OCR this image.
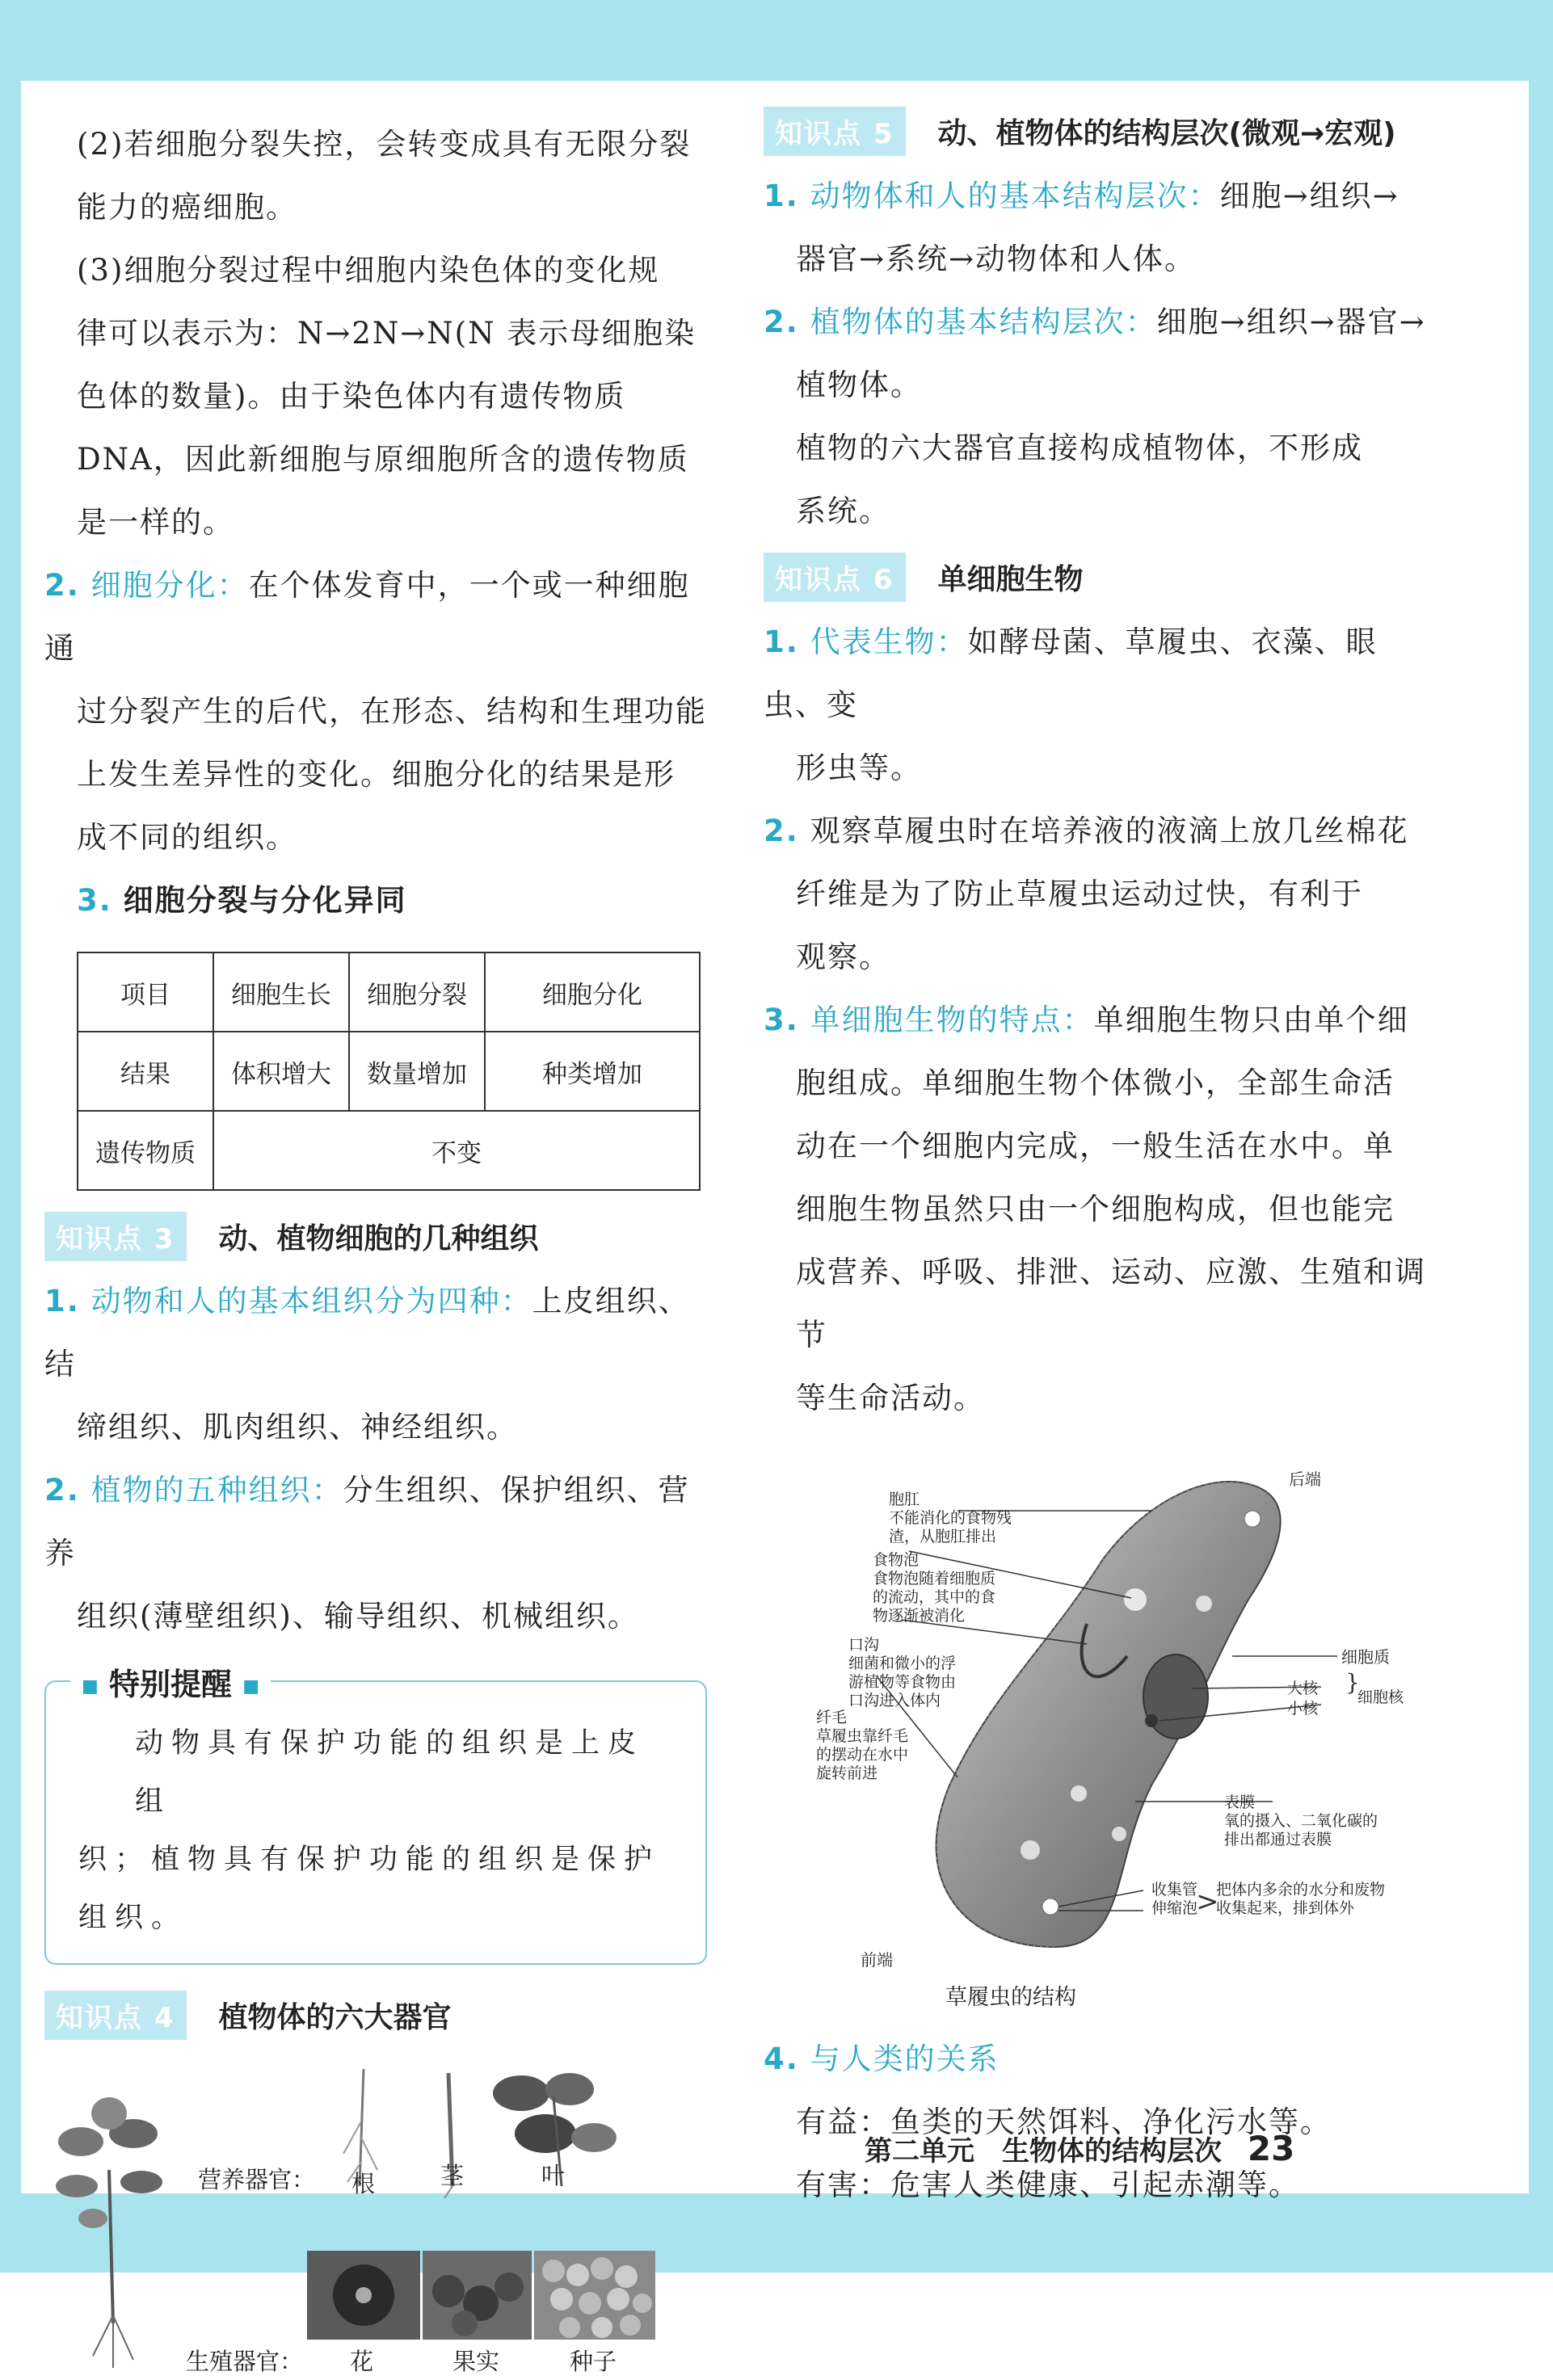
(2)若细胞分裂失控，会转变成具有无限分裂
能力的癌细胞。
(3)细胞分裂过程中细胞内染色体的变化规
律可以表示为：N→2N→N(N 表示母细胞染
色体的数量)。由于染色体内有遗传物质
DNA，因此新细胞与原细胞所含的遗传物质
是一样的。
2. 细胞分化：在个体发育中，一个或一种细胞通
过分裂产生的后代，在形态、结构和生理功能
上发生差异性的变化。细胞分化的结果是形
成不同的组织。
3. 细胞分裂与分化异同
项目	细胞生长	细胞分裂	细胞分化
结果	体积增大	数量增加	种类增加
遗传物质	不变		
知识点 3	动、植物细胞的几种组织
1. 动物和人的基本组织分为四种：上皮组织、结
缔组织、肌肉组织、神经组织。
2. 植物的五种组织：分生组织、保护组织、营养
组织(薄壁组织)、输导组织、机械组织。
■ 特别提醒 ■
动物具有保护功能的组织是上皮组
织；植物具有保护功能的组织是保护
组织。
知识点 4	植物体的六大器官
营养器官： 根	茎	叶
生殖器官： 花	果实	种子
知识点 5	动、植物体的结构层次(微观→宏观)
1. 动物体和人的基本结构层次：细胞→组织→
器官→系统→动物体和人体。
2. 植物体的基本结构层次：细胞→组织→器官→
植物体。
植物的六大器官直接构成植物体，不形成
系统。
知识点 6	单细胞生物
1. 代表生物：如酵母菌、草履虫、衣藻、眼虫、变
形虫等。
2. 观察草履虫时在培养液的液滴上放几丝棉花
纤维是为了防止草履虫运动过快，有利于
观察。
3. 单细胞生物的特点：单细胞生物只由单个细
胞组成。单细胞生物个体微小，全部生命活
动在一个细胞内完成，一般生活在水中。单
细胞生物虽然只由一个细胞构成，但也能完
成营养、呼吸、排泄、运动、应激、生殖和调节
等生命活动。
}
>
后端
胞肛
不能消化的食物残
渣，从胞肛排出
食物泡
食物泡随着细胞质
的流动，其中的食
物逐渐被消化
口沟
细菌和微小的浮
游植物等食物由
口沟进入体内
纤毛
草履虫靠纤毛
的摆动在水中
旋转前进
细胞质
大核
小核
细胞核
表膜
氧的摄入、二氧化碳的
排出都通过表膜
收集管
伸缩泡
把体内多余的水分和废物
收集起来，排到体外
前端
草履虫的结构
4. 与人类的关系
有益：鱼类的天然饵料、净化污水等。
有害：危害人类健康、引起赤潮等。
第二单元　生物体的结构层次 23
